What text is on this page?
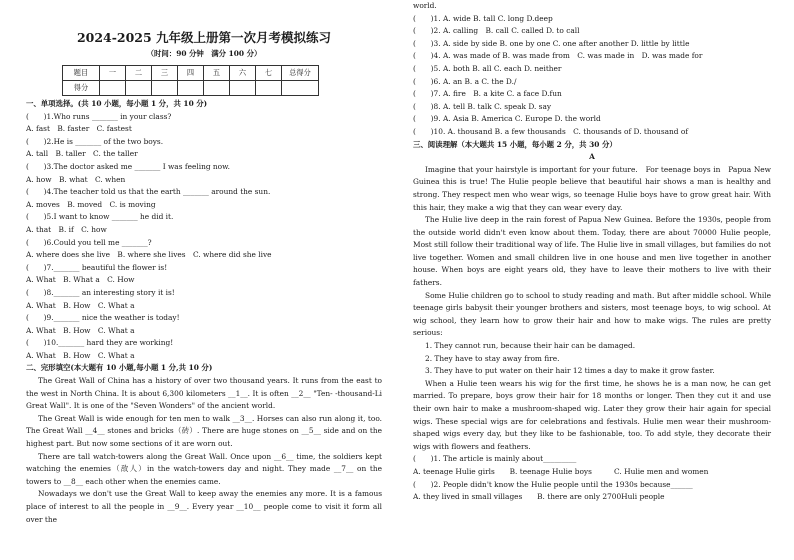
2024-2025 九年级上册第一次月考模拟练习
（时间：90 分钟　满分 100 分）
题目	一	二	三	四	五	六	七	总得分
得分								
一、单项选择。(共 10 小题，每小题 1 分，共 10 分)
(　　)1.Who runs _______ in your class?
A. fast　B. faster　C. fastest
(　　)2.He is _______ of the two boys.
A. tall　B. taller　C. the taller
(　　)3.The doctor asked me _______ I was feeling now.
A. how　B. what　C. when
(　　)4.The teacher told us that the earth _______ around the sun.
A. moves　B. moved　C. is moving
(　　)5.I want to know _______ he did it.
A. that　B. if　C. how
(　　)6.Could you tell me _______?
A. where does she live　B. where she lives　C. where did she live
(　　)7._______ beautiful the flower is!
A. What　B. What a　C. How
(　　)8._______ an interesting story it is!
A. What　B. How　C. What a
(　　)9._______ nice the weather is today!
A. What　B. How　C. What a
(　　)10._______ hard they are working!
A. What　B. How　C. What a
二、完形填空(本大题有 10 小题,每小题 1 分,共 10 分)
The Great Wall of China has a history of over two thousand years. It runs from the east to the west in North China. It is about 6,300 kilometers __1__. It is often __2__ "Ten- -thousand-Li Great Wall". It is one of the "Seven Wonders" of the ancient world.
The Great Wall is wide enough for ten men to walk __3__. Horses can also run along it, too. The Great Wall __4__ stones and bricks（砖）. There are huge stones on __5__ side and on the highest part. But now some sections of it are worn out.
There are tall watch-towers along the Great Wall. Once upon __6__ time, the soldiers kept watching the enemies（敌人）in the watch-towers day and night. They made __7__ on the towers to __8__ each other when the enemies came.
Nowadays we don't use the Great Wall to keep away the enemies any more. It is a famous place of interest to all the people in __9__. Every year __10__ people come to visit it form all over the
world.
(　　)1. A. wide B. tall C. long D.deep
(　　)2. A. calling　B. call C. called D. to call
(　　)3. A. side by side B. one by one C. one after another D. little by little
(　　)4. A. was made of B. was made from　C. was made in　D. was made for
(　　)5. A. both B. all C. each D. neither
(　　)6. A. an B. a C. the D./
(　　)7. A. fire　B. a kite C. a face D.fun
(　　)8. A. tell B. talk C. speak D. say
(　　)9. A. Asia B. America C. Europe D. the world
(　　)10. A. thousand B. a few thousands　C. thousands of D. thousand of
三、阅读理解（本大题共 15 小题，每小题 2 分，共 30 分）
A
Imagine that your hairstyle is important for your future.　For teenage boys in　Papua New Guinea this is true! The Hulie people believe that beautiful hair shows a man is healthy and strong. They respect men who wear wigs, so teenage Hulie boys have to grow great hair. With this hair, they make a wig that they can wear every day.
The Hulie live deep in the rain forest of Papua New Guinea. Before the 1930s, people from the outside world didn't even know about them. Today, there are about 70000 Hulie people, Most still follow their traditional way of life. The Hulie live in small villages, but families do not live together. Women and small children live in one house and men live together in another house. When boys are eight years old, they have to leave their mothers to live with their fathers.
Some Hulie children go to school to study reading and math. But after middle school. While teenage girls babysit their younger brothers and sisters, most teenage boys, to wig school. At wig school, they learn how to grow their hair and how to make wigs. The rules are pretty serious:
1. They cannot run, because their hair can be damaged.
2. They have to stay away from fire.
3. They have to put water on their hair 12 times a day to make it grow faster.
When a Hulie teen wears his wig for the first time, he shows he is a man now, he can get married. To prepare, boys grow their hair for 18 months or longer. Then they cut it and use their own hair to make a mushroom-shaped wig. Later they grow their hair again for special wigs. These special wigs are for celebrations and festivals. Hulie men wear their mushroom-shaped wigs every day, but they like to be fashionable, too. To add style, they decorate their wigs with flowers and feathers.
(　　)1. The article is mainly about_________
A. teenage Hulie girls　　B. teenage Hulie boys　　　C. Hulie men and women
(　　)2. People didn't know the Hulie people until the 1930s because______
A. they lived in small villages　　B. there are only 2700Huli people
